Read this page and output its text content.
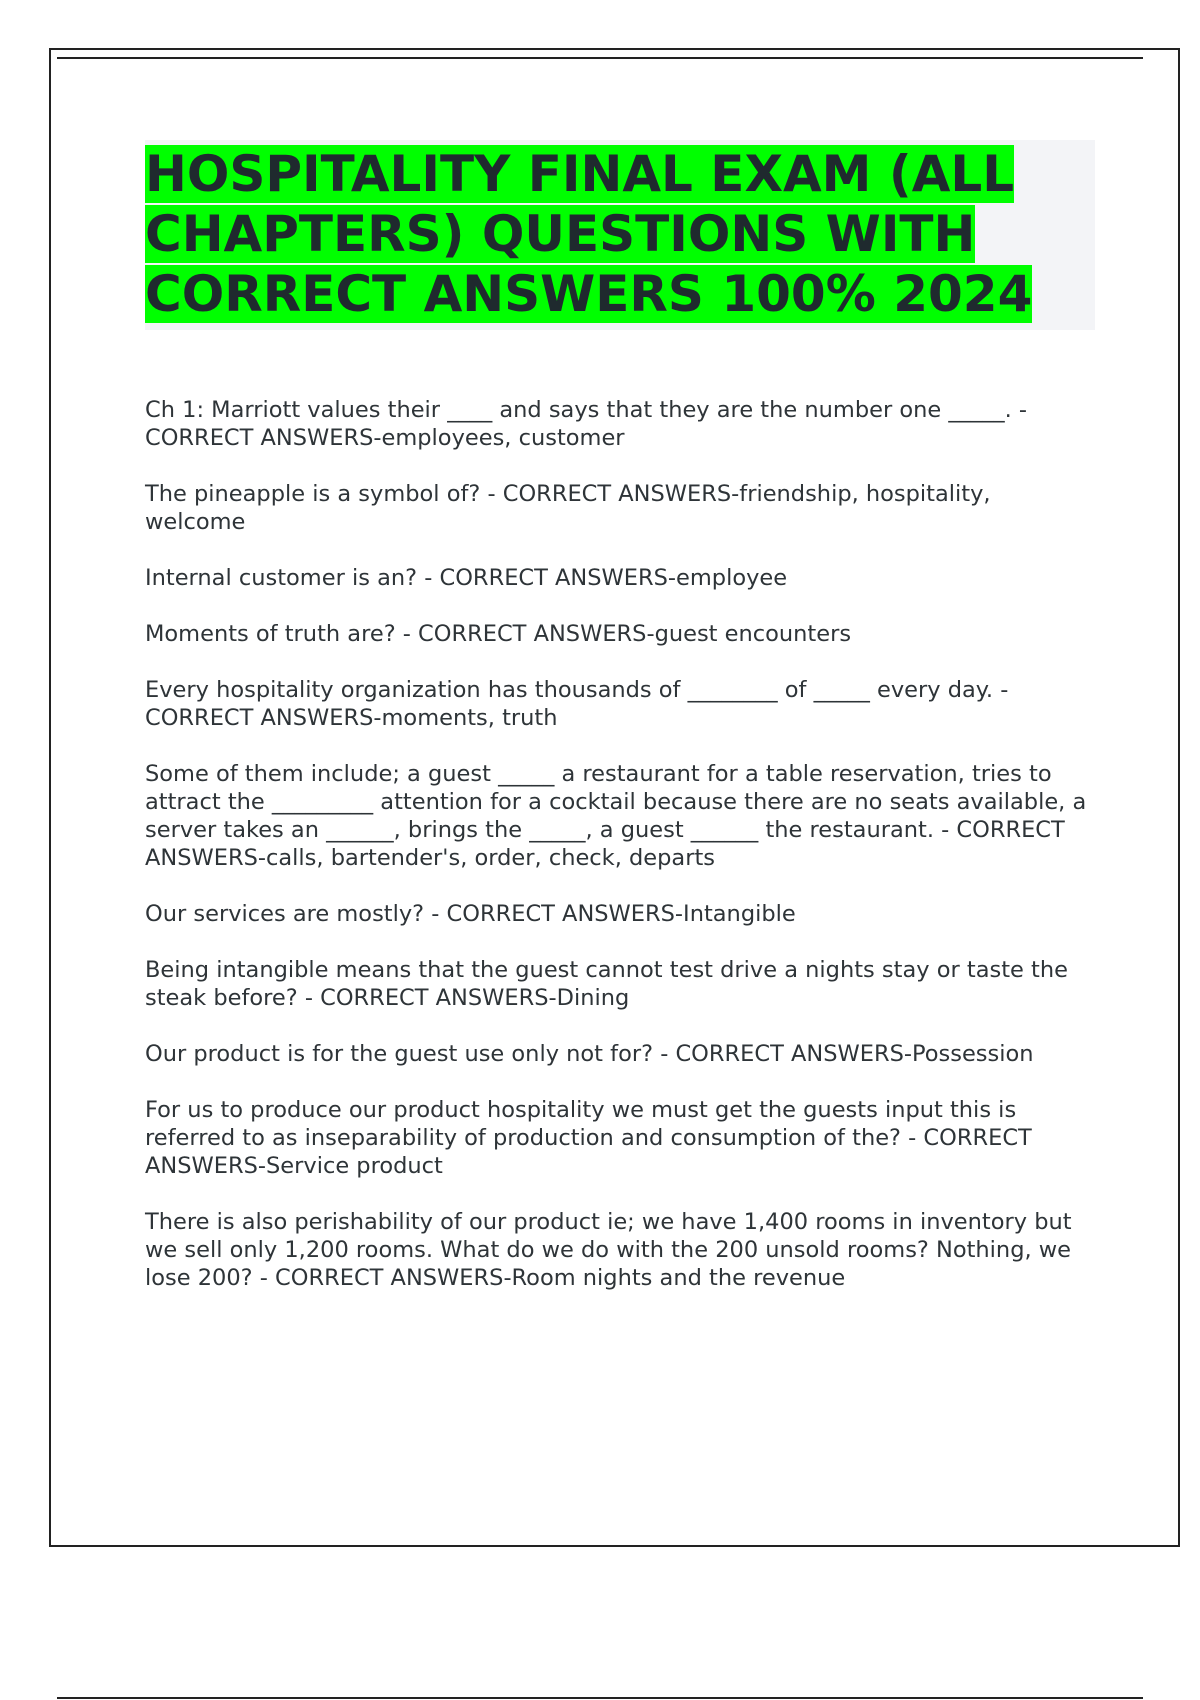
HOSPITALITY FINAL EXAM (ALL CHAPTERS) QUESTIONS WITH CORRECT ANSWERS 100% 2024
Ch 1: Marriott values their ____ and says that they are the number one _____. - CORRECT ANSWERS-employees, customer
The pineapple is a symbol of? - CORRECT ANSWERS-friendship, hospitality, welcome
Internal customer is an? - CORRECT ANSWERS-employee
Moments of truth are? - CORRECT ANSWERS-guest encounters
Every hospitality organization has thousands of ________ of _____ every day. - CORRECT ANSWERS-moments, truth
Some of them include; a guest _____ a restaurant for a table reservation, tries to attract the _________ attention for a cocktail because there are no seats available, a server takes an ______, brings the _____, a guest ______ the restaurant. - CORRECT ANSWERS-calls, bartender's, order, check, departs
Our services are mostly? - CORRECT ANSWERS-Intangible
Being intangible means that the guest cannot test drive a nights stay or taste the steak before? - CORRECT ANSWERS-Dining
Our product is for the guest use only not for? - CORRECT ANSWERS-Possession
For us to produce our product hospitality we must get the guests input this is referred to as inseparability of production and consumption of the? - CORRECT ANSWERS-Service product
There is also perishability of our product ie; we have 1,400 rooms in inventory but we sell only 1,200 rooms. What do we do with the 200 unsold rooms? Nothing, we lose 200? - CORRECT ANSWERS-Room nights and the revenue
